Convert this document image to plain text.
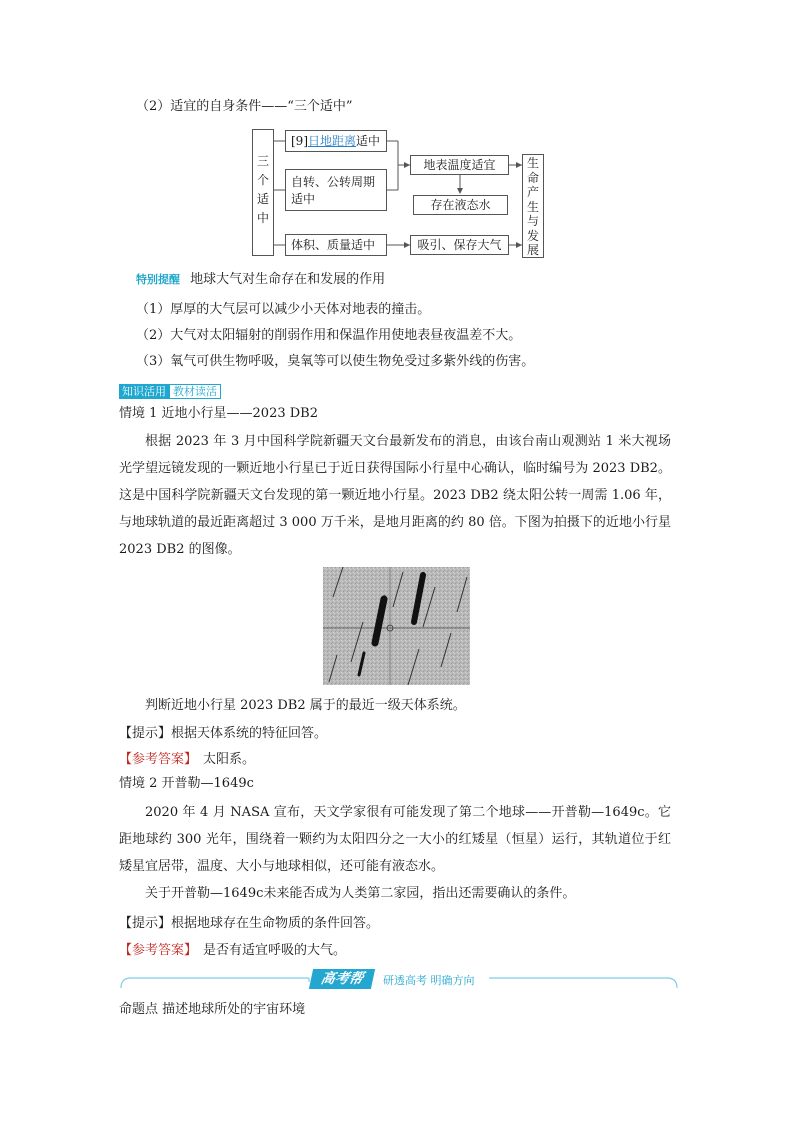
（2）适宜的自身条件——“三个适中”
三
个
适
中
[9]日地距离适中
自转、公转周期适中
体积、质量适中
地表温度适宜
存在液态水
吸引、保存大气
生
命
产
生
与
发
展
特别提醒 地球大气对生命存在和发展的作用
（1）厚厚的大气层可以减少小天体对地表的撞击。
（2）大气对太阳辐射的削弱作用和保温作用使地表昼夜温差不大。
（3）氧气可供生物呼吸，臭氧等可以使生物免受过多紫外线的伤害。
知识活用 教材读活
情境 1 近地小行星——2023 DB2
根据 2023 年 3 月中国科学院新疆天文台最新发布的消息，由该台南山观测站 1 米大视场光学望远镜发现的一颗近地小行星已于近日获得国际小行星中心确认，临时编号为 2023 DB2。这是中国科学院新疆天文台发现的第一颗近地小行星。2023 DB2 绕太阳公转一周需 1.06 年，与地球轨道的最近距离超过 3 000 万千米，是地月距离的约 80 倍。下图为拍摄下的近地小行星 2023 DB2 的图像。
判断近地小行星 2023 DB2 属于的最近一级天体系统。
【提示】根据天体系统的特征回答。
【参考答案】 太阳系。
情境 2 开普勒—1649c
2020 年 4 月 NASA 宣布，天文学家很有可能发现了第二个地球——开普勒—1649c。它距地球约 300 光年，围绕着一颗约为太阳四分之一大小的红矮星（恒星）运行，其轨道位于红矮星宜居带，温度、大小与地球相似，还可能有液态水。
关于开普勒—1649c未来能否成为人类第二家园，指出还需要确认的条件。
【提示】根据地球存在生命物质的条件回答。
【参考答案】 是否有适宜呼吸的大气。
高考帮	研透高考 明确方向
命题点 描述地球所处的宇宙环境
